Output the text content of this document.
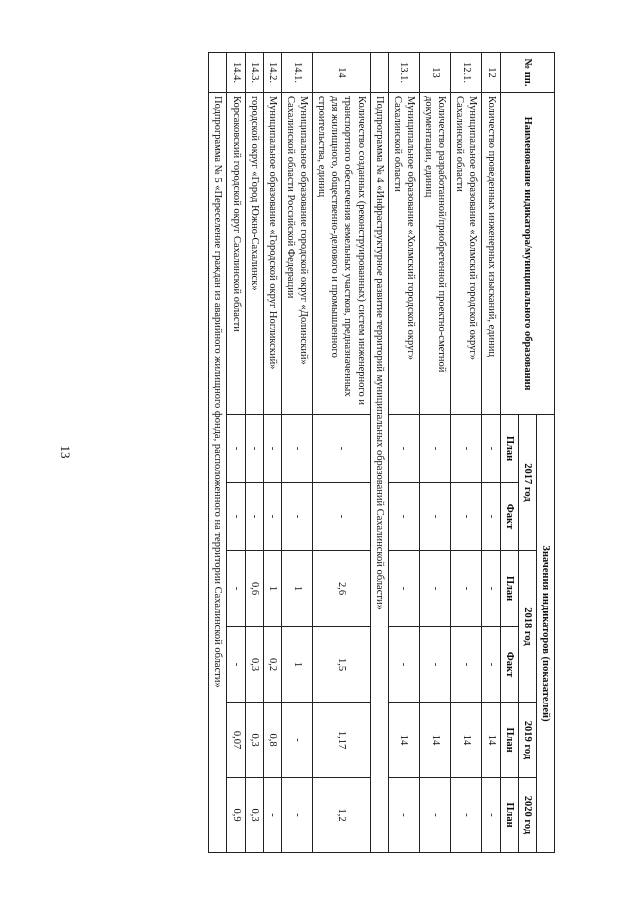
13
№ пп.	Наименование индикатора/муниципального образования	Значения индикаторов (показателей)					
		2017 год		2018 год		2019 год	2020 год
		План	Факт	План	Факт	План	План
12	Количество проведенных инженерных изысканий, единиц	-	-	-	-	14	-
12.1.	Муниципальное образование «Холмский городской округ» Сахалинской области	-	-	-	-	14	-
13	Количество разработанной/приобретенной проектно-сметной документации, единиц	-	-	-	-	14	-
13.1.	Муниципальное образование «Холмский городской округ» Сахалинской области	-	-	-	-	14	-
	Подпрограмма № 4 «Инфраструктурное развитие территорий муниципальных образований Сахалинской области»						
14	Количество созданных (реконструированных) систем инженерного и транспортного обеспечения земельных участков, предназначенных для жилищного, общественно-делового и промышленного строительства, единиц	-	-	2,6	1,5	1,17	1,2
14.1.	Муниципальное образование городской округ «Долинский» Сахалинской области Российской Федерации	-	-	1	1	-	-
14.2.	Муниципальное образование «Городской округ Ногликский»	-	-	1	0,2	0,8	-
14.3.	городской округ «Город Южно-Сахалинск»	-	-	0,6	0,3	0,3	0,3
14.4.	Корсаковский городской округ Сахалинской области	-	-	-	-	0,07	0,9
	Подпрограмма № 5 «Переселение граждан из аварийного жилищного фонда, расположенного на территории Сахалинской области»						
